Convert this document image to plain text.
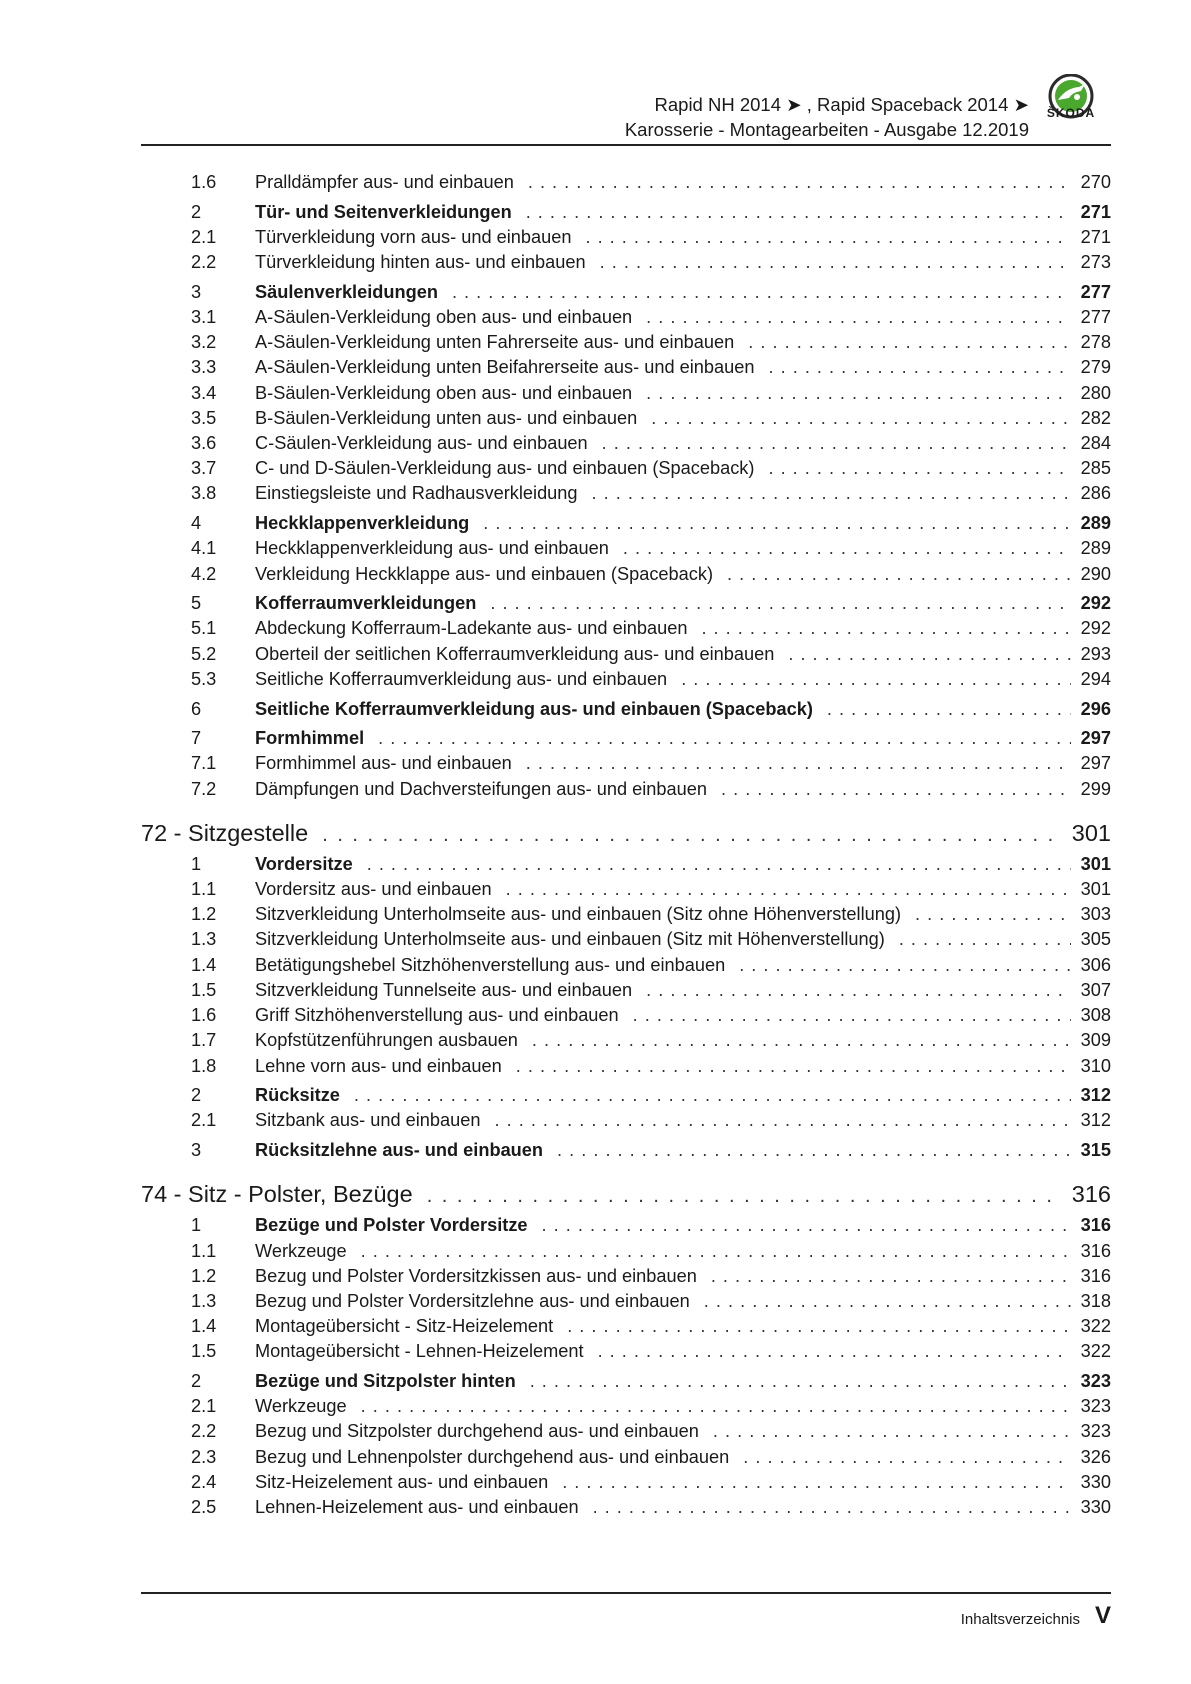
Rapid NH 2014 ➤ , Rapid Spaceback 2014 ➤
Karosserie - Montagearbeiten - Ausgabe 12.2019
ŠKODA
1.6	Pralldämpfer aus- und einbauen . . .	270
2	Tür- und Seitenverkleidungen . . .	271
2.1	Türverkleidung vorn aus- und einbauen . . .	271
2.2	Türverkleidung hinten aus- und einbauen . . .	273
3	Säulenverkleidungen . . .	277
3.1	A-Säulen-Verkleidung oben aus- und einbauen . . .	277
3.2	A-Säulen-Verkleidung unten Fahrerseite aus- und einbauen . . .	278
3.3	A-Säulen-Verkleidung unten Beifahrerseite aus- und einbauen . . .	279
3.4	B-Säulen-Verkleidung oben aus- und einbauen . . .	280
3.5	B-Säulen-Verkleidung unten aus- und einbauen . . .	282
3.6	C-Säulen-Verkleidung aus- und einbauen . . .	284
3.7	C- und D-Säulen-Verkleidung aus- und einbauen (Spaceback) . . .	285
3.8	Einstiegsleiste und Radhausverkleidung . . .	286
4	Heckklappenverkleidung . . .	289
4.1	Heckklappenverkleidung aus- und einbauen . . .	289
4.2	Verkleidung Heckklappe aus- und einbauen (Spaceback) . . .	290
5	Kofferraumverkleidungen . . .	292
5.1	Abdeckung Kofferraum-Ladekante aus- und einbauen . . .	292
5.2	Oberteil der seitlichen Kofferraumverkleidung aus- und einbauen . . .	293
5.3	Seitliche Kofferraumverkleidung aus- und einbauen . . .	294
6	Seitliche Kofferraumverkleidung aus- und einbauen (Spaceback) . . .	296
7	Formhimmel . . .	297
7.1	Formhimmel aus- und einbauen . . .	297
7.2	Dämpfungen und Dachversteifungen aus- und einbauen . . .	299
72 - Sitzgestelle . . .	301
1	Vordersitze . . .	301
1.1	Vordersitz aus- und einbauen . . .	301
1.2	Sitzverkleidung Unterholmseite aus- und einbauen (Sitz ohne Höhenverstellung) . . .	303
1.3	Sitzverkleidung Unterholmseite aus- und einbauen (Sitz mit Höhenverstellung) . . .	305
1.4	Betätigungshebel Sitzhöhenverstellung aus- und einbauen . . .	306
1.5	Sitzverkleidung Tunnelseite aus- und einbauen . . .	307
1.6	Griff Sitzhöhenverstellung aus- und einbauen . . .	308
1.7	Kopfstützenführungen ausbauen . . .	309
1.8	Lehne vorn aus- und einbauen . . .	310
2	Rücksitze . . .	312
2.1	Sitzbank aus- und einbauen . . .	312
3	Rücksitzlehne aus- und einbauen . . .	315
74 - Sitz - Polster, Bezüge . . .	316
1	Bezüge und Polster Vordersitze . . .	316
1.1	Werkzeuge . . .	316
1.2	Bezug und Polster Vordersitzkissen aus- und einbauen . . .	316
1.3	Bezug und Polster Vordersitzlehne aus- und einbauen . . .	318
1.4	Montageübersicht - Sitz-Heizelement . . .	322
1.5	Montageübersicht - Lehnen-Heizelement . . .	322
2	Bezüge und Sitzpolster hinten . . .	323
2.1	Werkzeuge . . .	323
2.2	Bezug und Sitzpolster durchgehend aus- und einbauen . . .	323
2.3	Bezug und Lehnenpolster durchgehend aus- und einbauen . . .	326
2.4	Sitz-Heizelement aus- und einbauen . . .	330
2.5	Lehnen-Heizelement aus- und einbauen . . .	330
Inhaltsverzeichnis V
